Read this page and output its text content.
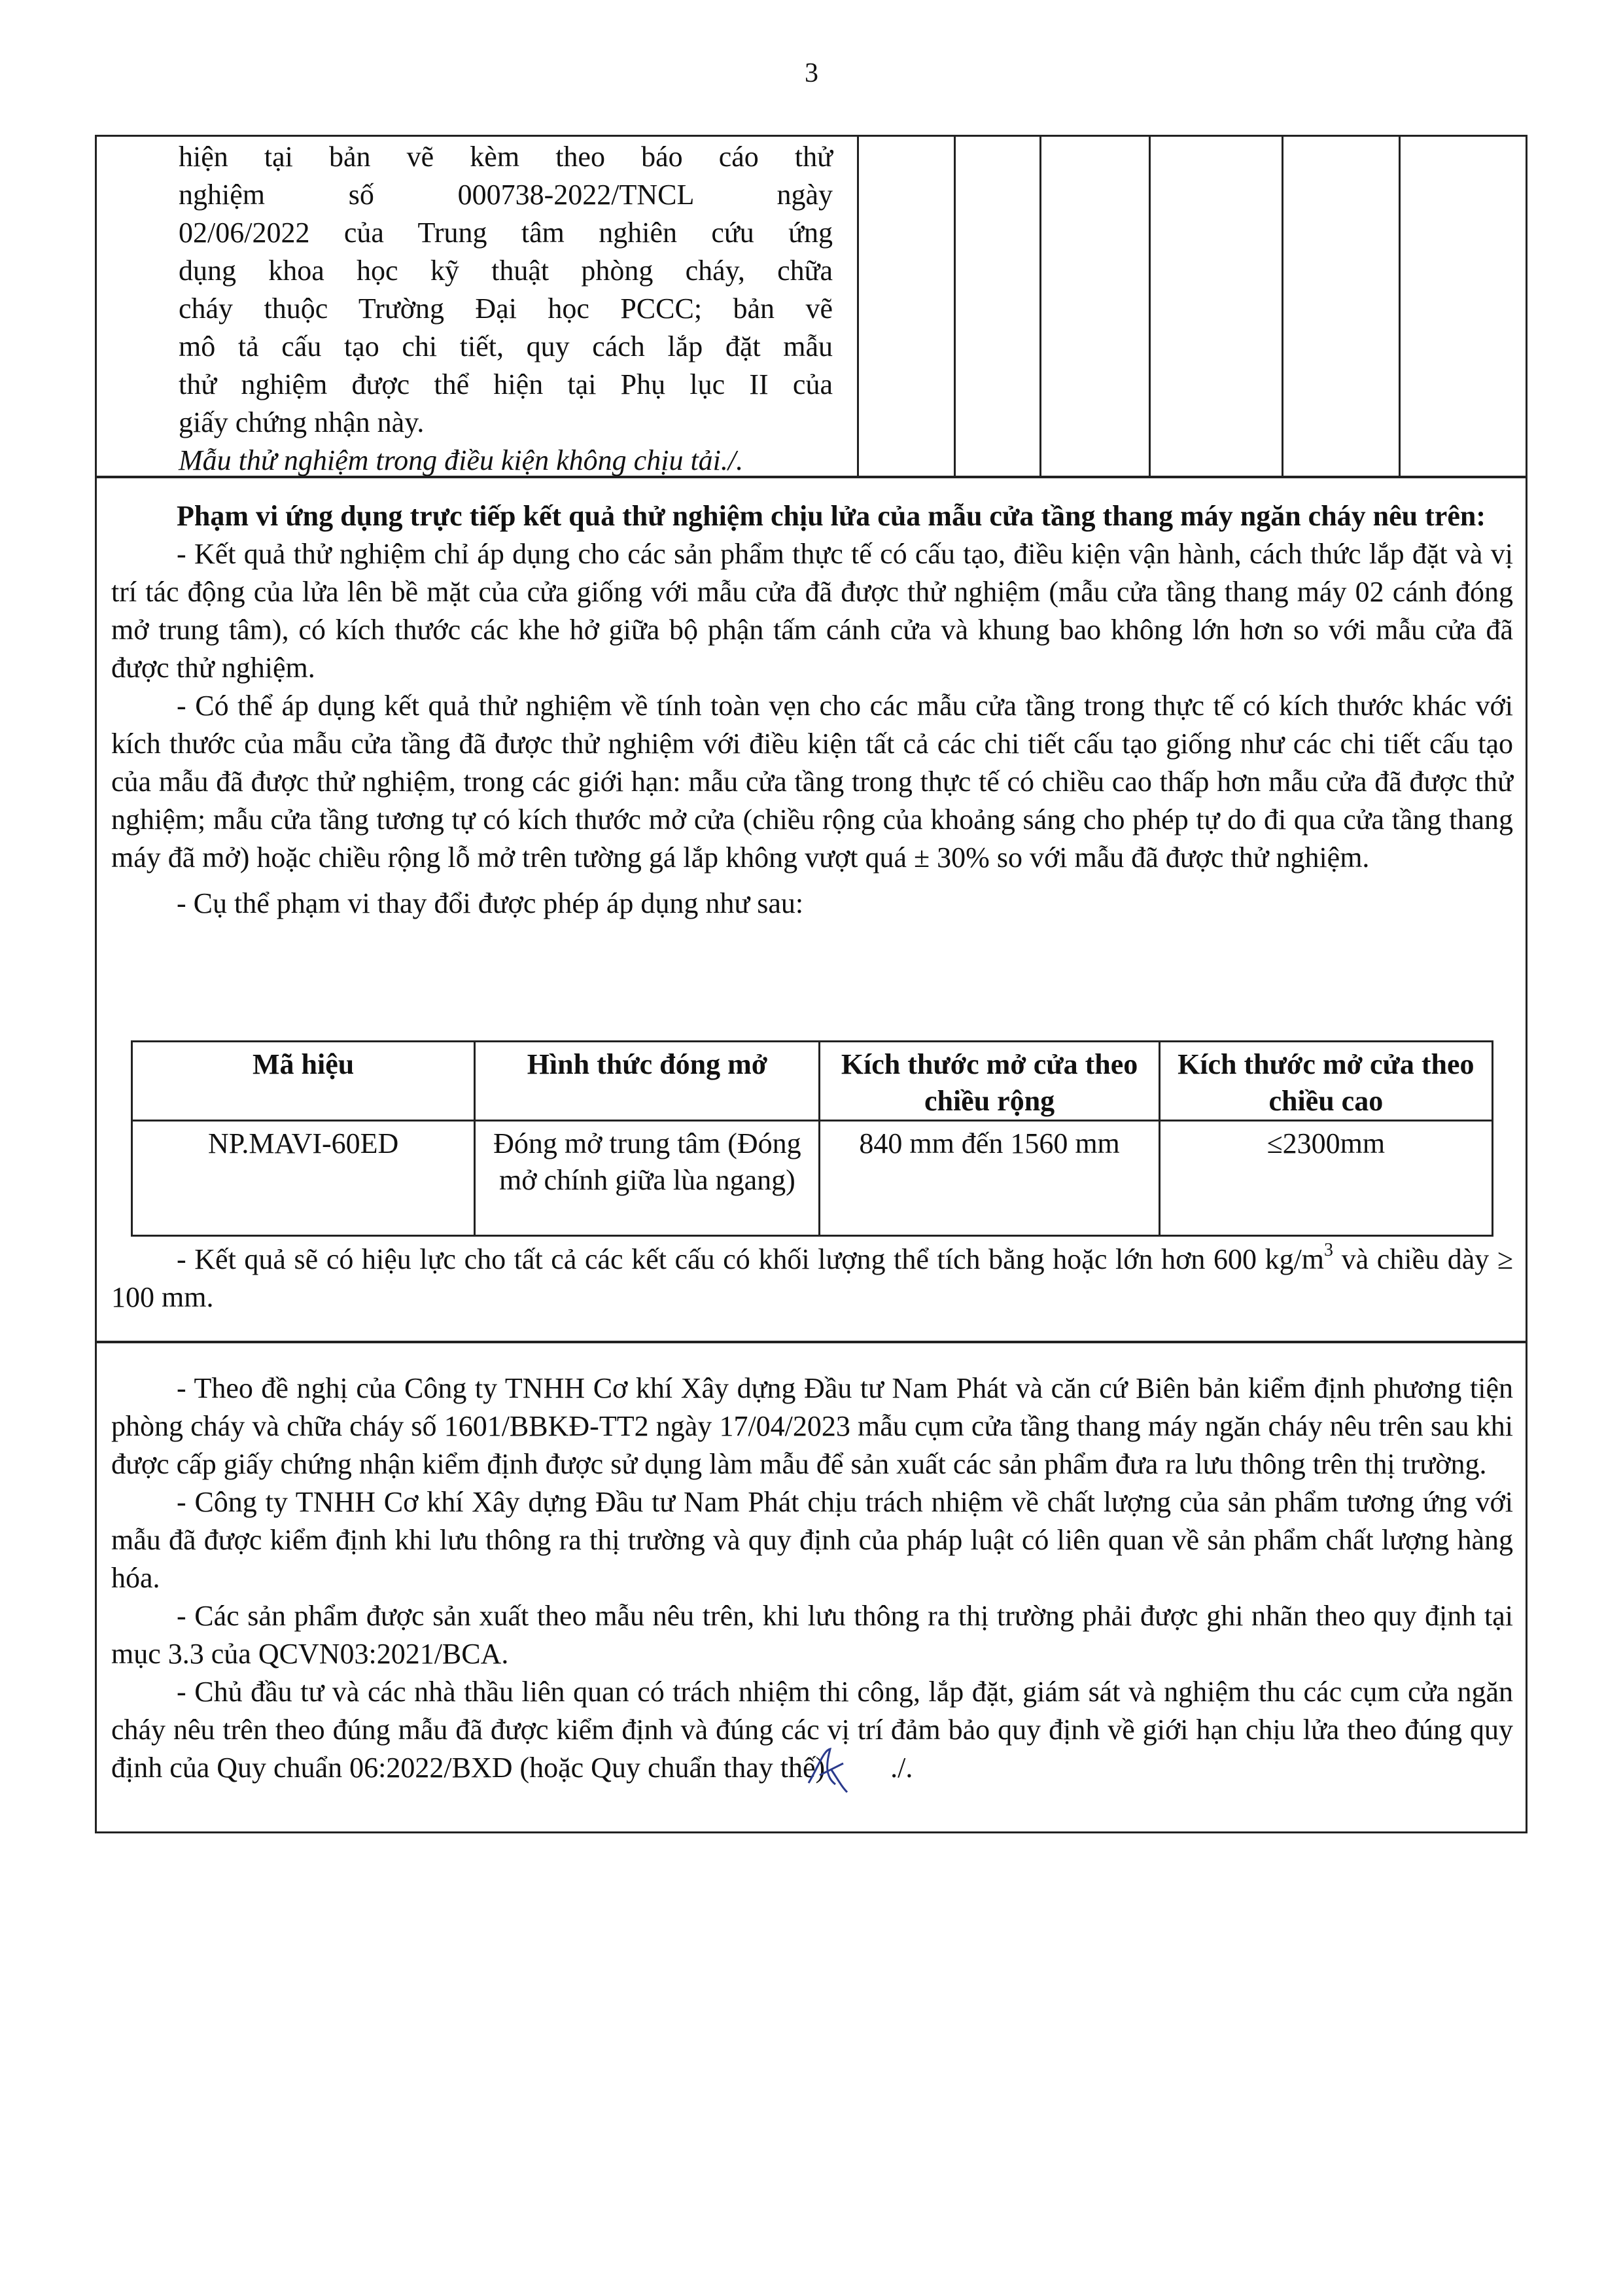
3
hiện tại bản vẽ kèm theo báo cáo thử
nghiệm số 000738-2022/TNCL ngày
02/06/2022 của Trung tâm nghiên cứu ứng
dụng khoa học kỹ thuật phòng cháy, chữa
cháy thuộc Trường Đại học PCCC; bản vẽ
mô tả cấu tạo chi tiết, quy cách lắp đặt mẫu
thử nghiệm được thể hiện tại Phụ lục II của
giấy chứng nhận này.
Mẫu thử nghiệm trong điều kiện không chịu tải./.

Phạm vi ứng dụng trực tiếp kết quả thử nghiệm chịu lửa của mẫu cửa tầng thang máy ngăn cháy nêu trên:

- Kết quả thử nghiệm chỉ áp dụng cho các sản phẩm thực tế có cấu tạo, điều kiện vận hành, cách thức lắp đặt và vị trí tác động của lửa lên bề mặt của cửa giống với mẫu cửa đã được thử nghiệm (mẫu cửa tầng thang máy 02 cánh đóng mở trung tâm), có kích thước các khe hở giữa bộ phận tấm cánh cửa và khung bao không lớn hơn so với mẫu cửa đã được thử nghiệm.

- Có thể áp dụng kết quả thử nghiệm về tính toàn vẹn cho các mẫu cửa tầng trong thực tế có kích thước khác với kích thước của mẫu cửa tầng đã được thử nghiệm với điều kiện tất cả các chi tiết cấu tạo giống như các chi tiết cấu tạo của mẫu đã được thử nghiệm, trong các giới hạn: mẫu cửa tầng trong thực tế có chiều cao thấp hơn mẫu cửa đã được thử nghiệm; mẫu cửa tầng tương tự có kích thước mở cửa (chiều rộng của khoảng sáng cho phép tự do đi qua cửa tầng thang máy đã mở) hoặc chiều rộng lỗ mở trên tường gá lắp không vượt quá ± 30% so với mẫu đã được thử nghiệm.

- Cụ thể phạm vi thay đổi được phép áp dụng như sau:

- Kết quả sẽ có hiệu lực cho tất cả các kết cấu có khối lượng thể tích bằng hoặc lớn hơn 600 $kg/m^3$ và chiều dày ≥ 100 mm.

Mã hiệu	Hình thức đóng mở	Kích thước mở cửa theo chiều rộng	Kích thước mở cửa theo chiều cao
NP.MAVI-60ED	Đóng mở trung tâm (Đóng mở chính giữa lùa ngang)	840 mm đến 1560 mm	≤2300mm

- Theo đề nghị của Công ty TNHH Cơ khí Xây dựng Đầu tư Nam Phát và căn cứ Biên bản kiểm định phương tiện phòng cháy và chữa cháy số 1601/BBKĐ-TT2 ngày 17/04/2023 mẫu cụm cửa tầng thang máy ngăn cháy nêu trên sau khi được cấp giấy chứng nhận kiểm định được sử dụng làm mẫu để sản xuất các sản phẩm đưa ra lưu thông trên thị trường.

- Công ty TNHH Cơ khí Xây dựng Đầu tư Nam Phát chịu trách nhiệm về chất lượng của sản phẩm tương ứng với mẫu đã được kiểm định khi lưu thông ra thị trường và quy định của pháp luật có liên quan về sản phẩm chất lượng hàng hóa.

- Các sản phẩm được sản xuất theo mẫu nêu trên, khi lưu thông ra thị trường phải được ghi nhãn theo quy định tại mục 3.3 của QCVN03:2021/BCA.

- Chủ đầu tư và các nhà thầu liên quan có trách nhiệm thi công, lắp đặt, giám sát và nghiệm thu các cụm cửa ngăn cháy nêu trên theo đúng mẫu đã được kiểm định và đúng các vị trí đảm bảo quy định về giới hạn chịu lửa theo đúng quy định của Quy chuẩn 06:2022/BXD (hoặc Quy chuẩn thay thế) ./.
